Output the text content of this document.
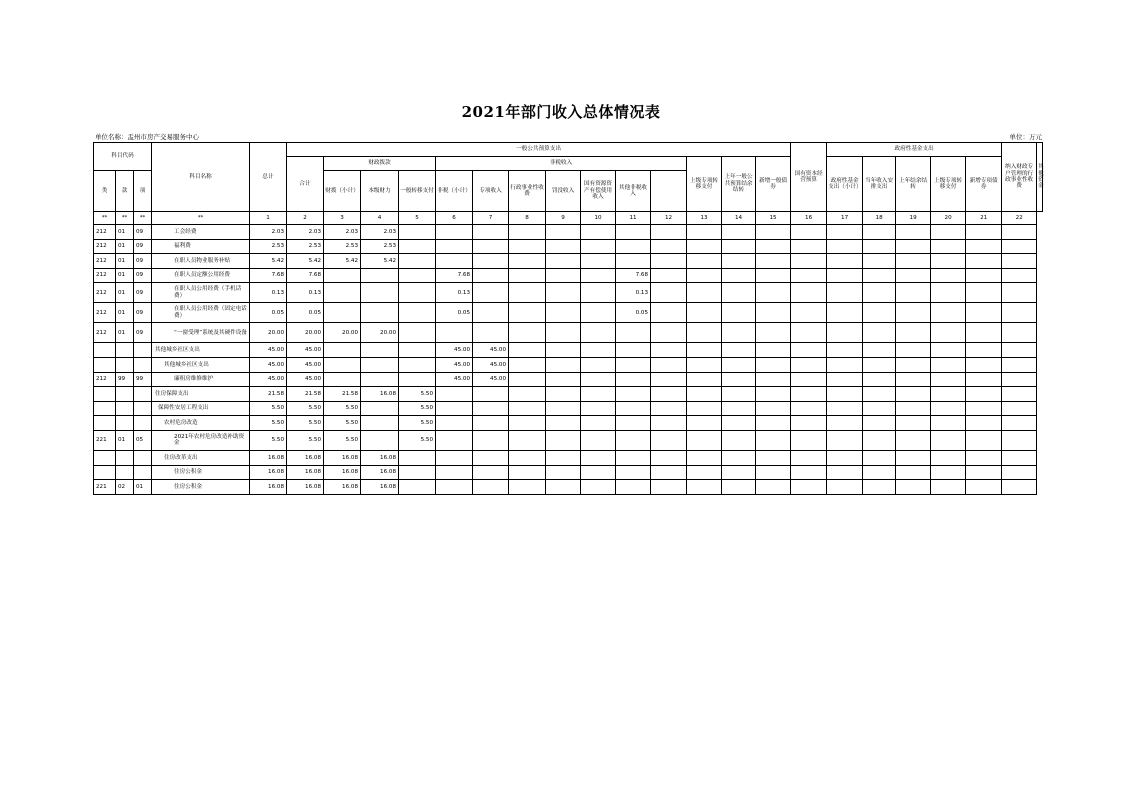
2021年部门收入总体情况表
单位名称：盂州市房产交易服务中心	单位：万元
科目代码			科目名称	总计	一般公共预算支出														国有资本经营预算	政府性基金支出					纳入财政专户管理的行政事业性收费	其他资金
					合计	财政拨款			非税收入							上级专项转移支付	上年一般公共预算结余结转	新增一般债券		政府性基金支出（小计）	当年收入安排支出	上年结余结转	上级专项转移支付	新增专项债券		
类	款	项				财拨（小计）	本级财力	一般转移支付	非税（小计）	专项收入	行政事业性收费	罚没收入	国有资源资产有偿使用收入	其他非税收入												
**	**	**	**	1	2	3	4	5	6	7	8	9	10	11	12	13	14	15	16	17	18	19	20	21	22	
212	01	09	工会经费	2.03	2.03	2.03	2.03																			
212	01	09	福利费	2.53	2.53	2.53	2.53																			
212	01	09	在职人员物业服务补贴	5.42	5.42	5.42	5.42																			
212	01	09	在职人员定额公用经费	7.68	7.68				7.68					7.68												
212	01	09	在职人员公用经费（手机话费）	0.13	0.13				0.13					0.13												
212	01	09	在职人员公用经费（固定电话费）	0.05	0.05				0.05					0.05												
212	01	09	“一窗受理”系统及其硬件设备	20.00	20.00	20.00	20.00																			
			其他城乡社区支出	45.00	45.00				45.00	45.00																
			其他城乡社区支出	45.00	45.00				45.00	45.00																
212	99	99	廉租房维修维护	45.00	45.00				45.00	45.00																
			住房保障支出	21.58	21.58	21.58	16.08	5.50																		
			保障性安居工程支出	5.50	5.50	5.50		5.50																		
			农村危房改造	5.50	5.50	5.50		5.50																		
221	01	05	2021年农村危房改造补助资金	5.50	5.50	5.50		5.50																		
			住房改革支出	16.08	16.08	16.08	16.08																			
			住房公积金	16.08	16.08	16.08	16.08																			
221	02	01	住房公积金	16.08	16.08	16.08	16.08																			
